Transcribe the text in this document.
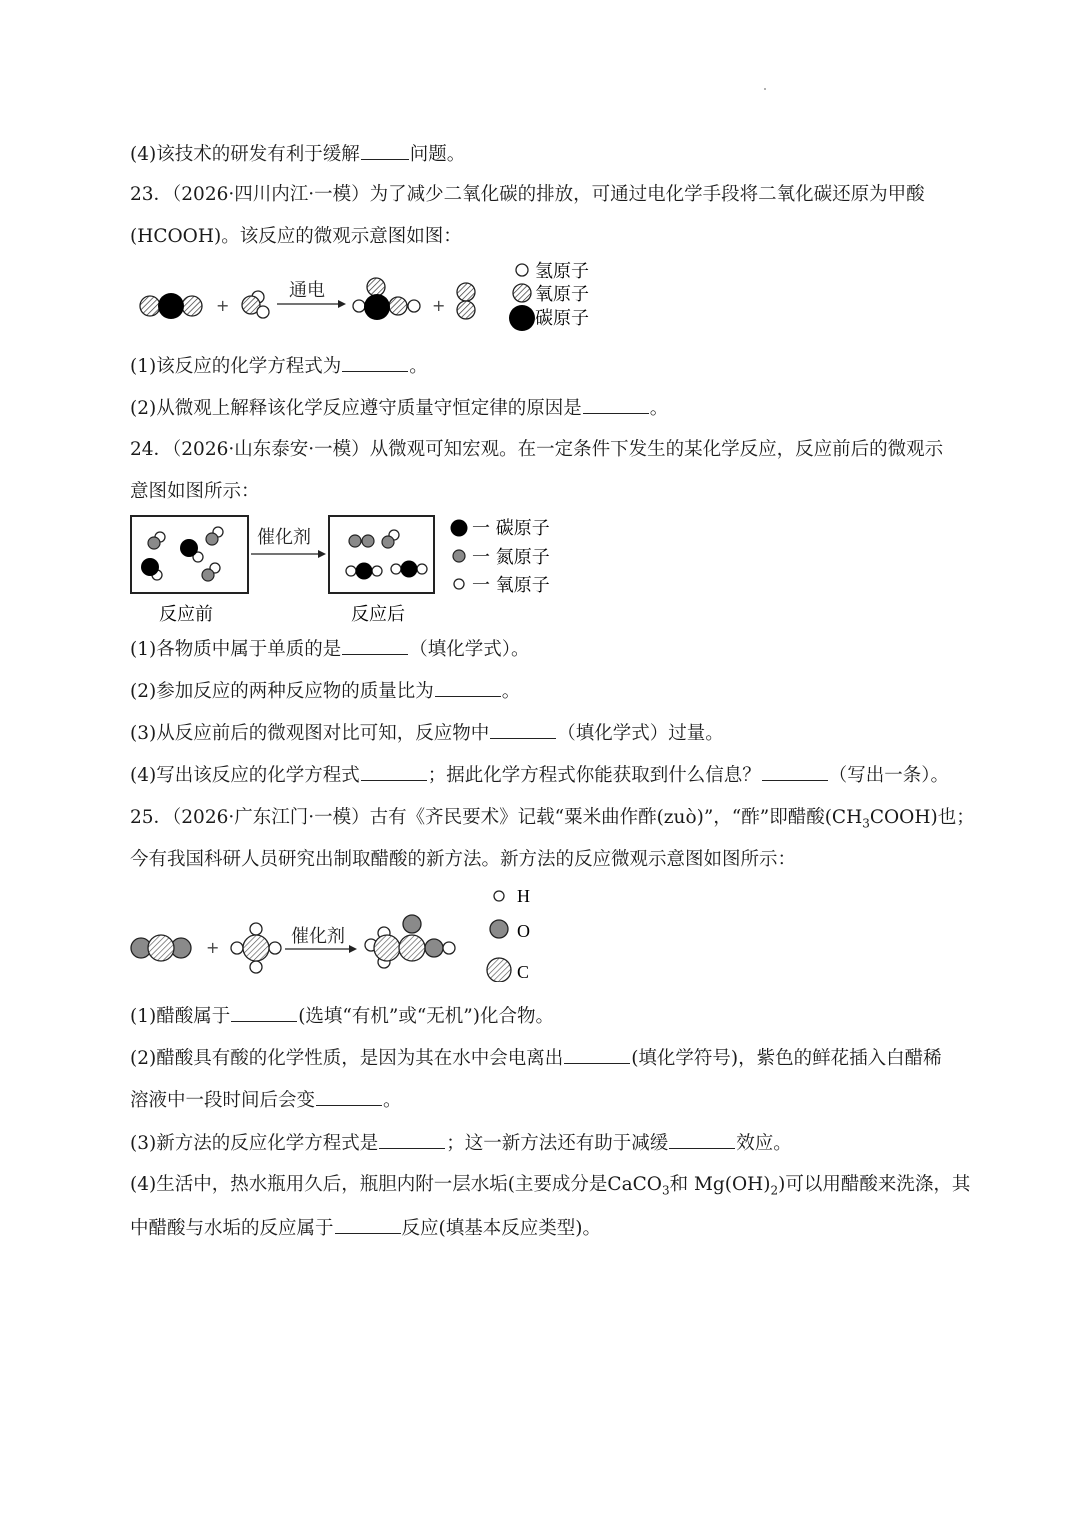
(4)该技术的研发有利于缓解	问题。
23．（2026·四川内江·一模）为了减少二氧化碳的排放，可通过电化学手段将二氧化碳还原为甲酸
(HCOOH)。该反应的微观示意图如图：
+
通电
+
氢原子
氧原子
碳原子
(1)该反应的化学方程式为	。
(2)从微观上解释该化学反应遵守质量守恒定律的原因是	。
24．（2026·山东泰安·一模）从微观可知宏观。在一定条件下发生的某化学反应，反应前后的微观示
意图如图所示：
催化剂
反应前	反应后
一 碳原子
一 氮原子
一 氧原子
(1)各物质中属于单质的是	（填化学式）。
(2)参加反应的两种反应物的质量比为	。
(3)从反应前后的微观图对比可知，反应物中	（填化学式）过量。
(4)写出该反应的化学方程式	；据此化学方程式你能获取到什么信息？	（写出一条）。
25．（2026·广东江门·一模）古有《齐民要术》记载“粟米曲作酢(zuò)”，“酢”即醋酸$(CH_3COOH)$也；
今有我国科研人员研究出制取醋酸的新方法。新方法的反应微观示意图如图所示：
+
催化剂
H
O
C
(1)醋酸属于	(选填“有机”或“无机”)化合物。
(2)醋酸具有酸的化学性质，是因为其在水中会电离出	(填化学符号)，紫色的鲜花插入白醋稀
溶液中一段时间后会变	。
(3)新方法的反应化学方程式是	；这一新方法还有助于减缓	效应。
(4)生活中，热水瓶用久后，瓶胆内附一层水垢(主要成分是CaCO$_3$和 $Mg(OH)_2$)可以用醋酸来洗涤，其
中醋酸与水垢的反应属于	反应(填基本反应类型)。
